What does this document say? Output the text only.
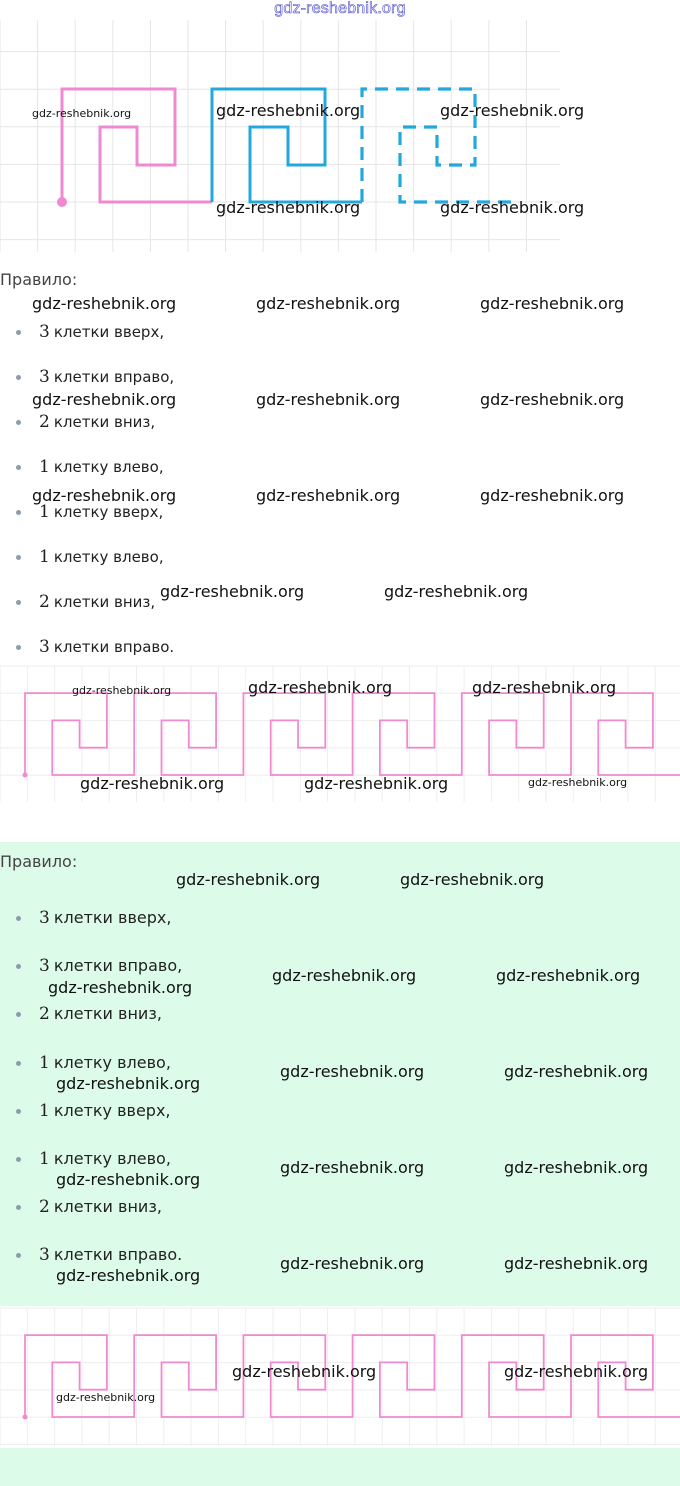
gdz-reshebnik.org
gdz-reshebnik.org	gdz-reshebnik.org	gdz-reshebnik.org
gdz-reshebnik.org	gdz-reshebnik.org
Правило:
3 клетки вверх,
3 клетки вправо,
2 клетки вниз,
1 клетку влево,
1 клетку вверх,
1 клетку влево,
2 клетки вниз,
3 клетки вправо.
gdz-reshebnik.org	gdz-reshebnik.org	gdz-reshebnik.org
gdz-reshebnik.org	gdz-reshebnik.org	gdz-reshebnik.org
gdz-reshebnik.org	gdz-reshebnik.org	gdz-reshebnik.org
gdz-reshebnik.org	gdz-reshebnik.org
gdz-reshebnik.org	gdz-reshebnik.org	gdz-reshebnik.org
gdz-reshebnik.org	gdz-reshebnik.org	gdz-reshebnik.org
Правило:
3 клетки вверх,
3 клетки вправо,
2 клетки вниз,
1 клетку влево,
1 клетку вверх,
1 клетку влево,
2 клетки вниз,
3 клетки вправо.
gdz-reshebnik.org	gdz-reshebnik.org
gdz-reshebnik.org
gdz-reshebnik.org	gdz-reshebnik.org
gdz-reshebnik.org
gdz-reshebnik.org	gdz-reshebnik.org
gdz-reshebnik.org
gdz-reshebnik.org	gdz-reshebnik.org
gdz-reshebnik.org
gdz-reshebnik.org	gdz-reshebnik.org
gdz-reshebnik.org
gdz-reshebnik.org	gdz-reshebnik.org
